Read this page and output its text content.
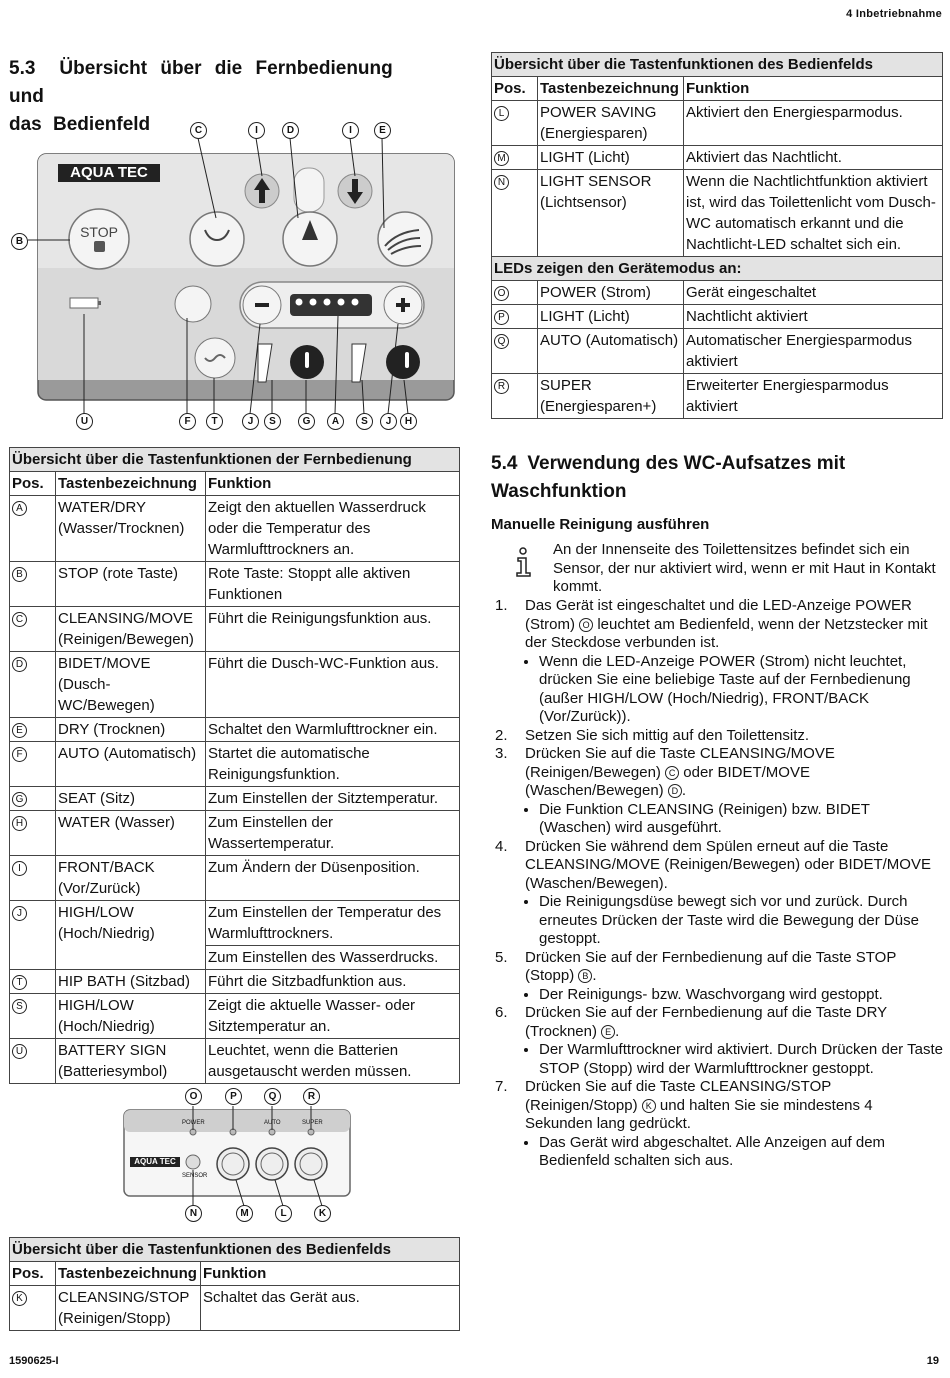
4 Inbetriebnahme
5.3 Übersicht über die Fernbedienung und
das Bedienfeld
AQUA TEC
STOP
C	I	D	I	E
B
U	F	T	J	S	G	A	S	J	H
Übersicht über die Tastenfunktionen der Fernbedienung		
Pos.	Tastenbezeichnung	Funktion
A	WATER/DRY (Wasser/Trocknen)	Zeigt den aktuellen Wasserdruck oder die Temperatur des Warmlufttrockners an.
B	STOP (rote Taste)	Rote Taste: Stoppt alle aktiven Funktionen
C	CLEANSING/MOVE (Reinigen/Bewegen)	Führt die Reinigungsfunktion aus.
D	BIDET/MOVE (Dusch-WC/Bewegen)	Führt die Dusch-WC-Funktion aus.
E	DRY (Trocknen)	Schaltet den Warmlufttrockner ein.
F	AUTO (Automatisch)	Startet die automatische Reinigungsfunktion.
G	SEAT (Sitz)	Zum Einstellen der Sitztemperatur.
H	WATER (Wasser)	Zum Einstellen der Wassertemperatur.
I	FRONT/BACK (Vor/Zurück)	Zum Ändern der Düsenposition.
J	HIGH/LOW (Hoch/Niedrig)	Zum Einstellen der Temperatur des Warmlufttrockners.
		Zum Einstellen des Wasserdrucks.
T	HIP BATH (Sitzbad)	Führt die Sitzbadfunktion aus.
S	HIGH/LOW (Hoch/Niedrig)	Zeigt die aktuelle Wasser- oder Sitztemperatur an.
U	BATTERY SIGN (Batteriesymbol)	Leuchtet, wenn die Batterien ausgetauscht werden müssen.
AQUA TEC
POWER	AUTO	SUPER
SENSOR
O	P	Q	R
N	M	L	K
Übersicht über die Tastenfunktionen des Bedienfelds		
Pos.	Tastenbezeichnung	Funktion
K	CLEANSING/STOP (Reinigen/Stopp)	Schaltet das Gerät aus.
Übersicht über die Tastenfunktionen des Bedienfelds		
Pos.	Tastenbezeichnung	Funktion
L	POWER SAVING (Energiesparen)	Aktiviert den Energiesparmodus.
M	LIGHT (Licht)	Aktiviert das Nachtlicht.
N	LIGHT SENSOR (Lichtsensor)	Wenn die Nachtlichtfunktion aktiviert ist, wird das Toilettenlicht vom Dusch-WC automatisch erkannt und die Nachtlicht-LED schaltet sich ein.
LEDs zeigen den Gerätemodus an:		
O	POWER (Strom)	Gerät eingeschaltet
P	LIGHT (Licht)	Nachtlicht aktiviert
Q	AUTO (Automatisch)	Automatischer Energiesparmodus aktiviert
R	SUPER (Energiesparen+)	Erweiterter Energiesparmodus aktiviert
5.4 Verwendung des WC-Aufsatzes mit
Waschfunktion
Manuelle Reinigung ausführen
An der Innenseite des Toilettensitzes befindet sich ein Sensor, der nur aktiviert wird, wenn er mit Haut in Kontakt kommt.
1.	Das Gerät ist eingeschaltet und die LED-Anzeige POWER (Strom) O leuchtet am Bedienfeld, wenn der Netzstecker mit der Steckdose verbunden ist.
• Wenn die LED-Anzeige POWER (Strom) nicht leuchtet, drücken Sie eine beliebige Taste auf der Fernbedienung (außer HIGH/LOW (Hoch/Niedrig), FRONT/BACK (Vor/Zurück)).
2.	Setzen Sie sich mittig auf den Toilettensitz.
3.	Drücken Sie auf die Taste CLEANSING/MOVE (Reinigen/Bewegen) C oder BIDET/MOVE (Waschen/Bewegen) D .
• Die Funktion CLEANSING (Reinigen) bzw. BIDET (Waschen) wird ausgeführt.
4.	Drücken Sie während dem Spülen erneut auf die Taste CLEANSING/MOVE (Reinigen/Bewegen) oder BIDET/MOVE (Waschen/Bewegen).
• Die Reinigungsdüse bewegt sich vor und zurück. Durch erneutes Drücken der Taste wird die Bewegung der Düse gestoppt.
5.	Drücken Sie auf der Fernbedienung auf die Taste STOP (Stopp) B .
• Der Reinigungs- bzw. Waschvorgang wird gestoppt.
6.	Drücken Sie auf der Fernbedienung auf die Taste DRY (Trocknen) E .
• Der Warmlufttrockner wird aktiviert. Durch Drücken der Taste STOP (Stopp) wird der Warmlufttrockner gestoppt.
7.	Drücken Sie auf die Taste CLEANSING/STOP (Reinigen/Stopp) K und halten Sie sie mindestens 4 Sekunden lang gedrückt.
• Das Gerät wird abgeschaltet. Alle Anzeigen auf dem Bedienfeld schalten sich aus.
1590625-I	19
